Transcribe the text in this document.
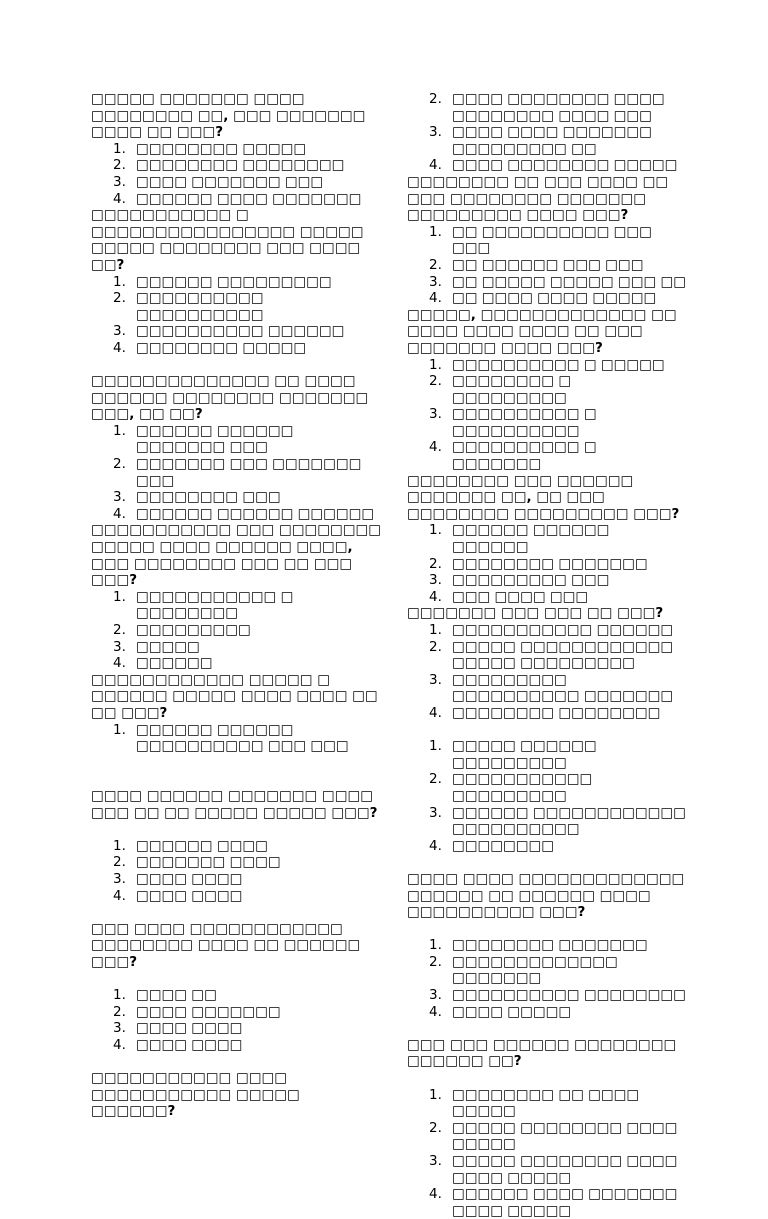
□□□□□ □□□□□□□ □□□□ □□□□□□□□ □□, □□□ □□□□□□□ □□□□ □□ □□□?

1. □□□□□□□□ □□□□□
2. □□□□□□□□ □□□□□□□□
3. □□□□ □□□□□□□ □□□
4. □□□□□□ □□□□ □□□□□□□

□□□□□□□□□□□ □ □□□□□□□□□□□□□□□□ □□□□□ □□□□□ □□□□□□□□ □□□ □□□□ □□?

1. □□□□□□ □□□□□□□□□
2. □□□□□□□□□□ □□□□□□□□□□
3. □□□□□□□□□□ □□□□□□
4. □□□□□□□□ □□□□□

□□□□□□□□□□□□□□ □□ □□□□ □□□□□□ □□□□□□□□ □□□□□□□ □□□, □□ □□?

1. □□□□□□ □□□□□□ □□□□□□□ □□□
2. □□□□□□□ □□□ □□□□□□□ □□□
3. □□□□□□□□ □□□
4. □□□□□□ □□□□□□ □□□□□□

□□□□□□□□□□□ □□□ □□□□□□□□ □□□□□ □□□□ □□□□□□ □□□□, □□□ □□□□□□□□ □□□ □□ □□□ □□□?

1. □□□□□□□□□□□ □ □□□□□□□□
2. □□□□□□□□□
3. □□□□□
4. □□□□□□

□□□□□□□□□□□□ □□□□□ □ □□□□□□ □□□□□ □□□□ □□□□ □□ □□ □□□?

1. □□□□□□ □□□□□□ □□□□□□□□□□ □□□ □□□

□□□□ □□□□□□ □□□□□□□ □□□□ □□□ □□ □□ □□□□□ □□□□□ □□□?

1. □□□□□□ □□□□
2. □□□□□□□ □□□□
3. □□□□ □□□□
4. □□□□ □□□□

□□□ □□□□ □□□□□□□□□□□□ □□□□□□□□ □□□□ □□ □□□□□□ □□□?

1. □□□□ □□
2. □□□□ □□□□□□□
3. □□□□ □□□□
4. □□□□ □□□□

□□□□□□□□□□□ □□□□ □□□□□□□□□□□ □□□□□ □□□□□□?

2. □□□□ □□□□□□□□ □□□□ □□□□□□□□ □□□□ □□□
3. □□□□ □□□□ □□□□□□□ □□□□□□□□□ □□
4. □□□□ □□□□□□□□ □□□□□

□□□□□□□□ □□ □□□ □□□□ □□ □□□ □□□□□□□□ □□□□□□□ □□□□□□□□□ □□□□ □□□?

1. □□ □□□□□□□□□□ □□□ □□□
2. □□ □□□□□□ □□□ □□□
3. □□ □□□□□ □□□□□ □□□ □□
4. □□ □□□□ □□□□ □□□□□

□□□□□, □□□□□□□□□□□□□ □□ □□□□ □□□□ □□□□ □□ □□□ □□□□□□□ □□□□ □□□?

1. □□□□□□□□□□ □ □□□□□
2. □□□□□□□□ □ □□□□□□□□□
3. □□□□□□□□□□ □ □□□□□□□□□□
4. □□□□□□□□□□ □ □□□□□□□

□□□□□□□□ □□□ □□□□□□ □□□□□□□ □□, □□ □□□ □□□□□□□□ □□□□□□□□□ □□□?

1. □□□□□□ □□□□□□ □□□□□□
2. □□□□□□□□ □□□□□□□
3. □□□□□□□□□ □□□
4. □□□ □□□□ □□□

□□□□□□□ □□□ □□□ □□ □□□?

1. □□□□□□□□□□□ □□□□□□
2. □□□□□ □□□□□□□□□□□□ □□□□□ □□□□□□□□□
3. □□□□□□□□□ □□□□□□□□□□ □□□□□□□
4. □□□□□□□□ □□□□□□□□
1. □□□□□ □□□□□□ □□□□□□□□□
2. □□□□□□□□□□□ □□□□□□□□□
3. □□□□□□ □□□□□□□□□□□□ □□□□□□□□□□
4. □□□□□□□□

□□□□ □□□□ □□□□□□□□□□□□□ □□□□□□ □□ □□□□□□ □□□□ □□□□□□□□□□ □□□?

1. □□□□□□□□ □□□□□□□
2. □□□□□□□□□□□□□ □□□□□□□
3. □□□□□□□□□□ □□□□□□□□
4. □□□□ □□□□□

□□□ □□□ □□□□□□ □□□□□□□□ □□□□□□ □□?

1. □□□□□□□□ □□ □□□□ □□□□□
2. □□□□□ □□□□□□□□ □□□□ □□□□□
3. □□□□□ □□□□□□□□ □□□□ □□□□ □□□□□
4. □□□□□□ □□□□ □□□□□□□ □□□□ □□□□□
